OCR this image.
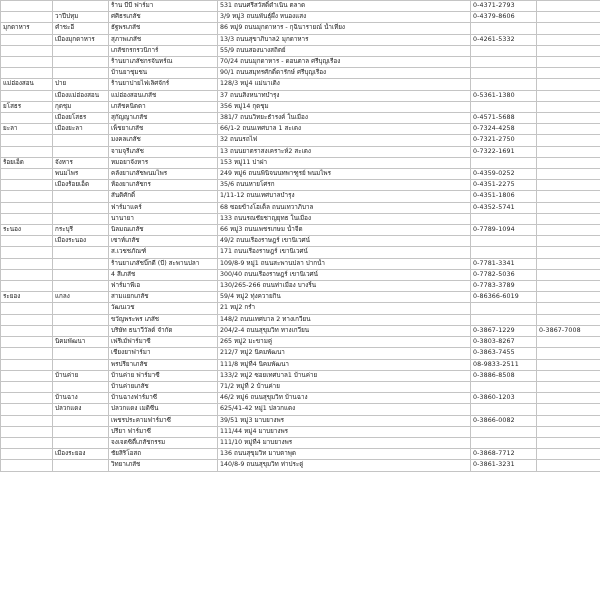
		ร้าน บีบี ฟาร์มา	531 ถนนศรีสวัสดิ์ดำเนิน ตลาด	0-4371-2793	
	วาปีปทุม	ศศิธรเภสัช	3/9 หมู่3 ถนนพันธุ์ผึ้ง หนองแสง	0-4379-8606	
มุกดาหาร	คำชะอี	ธัฐพรเภสัช	86 หมู่9 ถนนมุกดาหาร - กุฉินารายณ์ น้ำเที่ยง		
	เมืองมุกดาหาร	สุภาพเภสัช	13/3 ถนนสุขาภิบาล2 มุกดาหาร	0-4261-5332	
		เภสัชกรกรวนิการ์	55/9 ถนนสองนางสถิตย์		
		ร้านยาเภสัชกรจันทร์ณ	70/24 ถนนมุกดาหาร - ดอนตาล ศรีบุญเรือง		
		บ้านยาชุมชน	90/1 ถนนสมุทรศักดิ์ดารักษ์ ศรีบุญเรือง		
แม่ฮ่องสอน	ปาย	ร้านยาปายไฟเลิศจักร์	128/3 หมู่4 แม่นาเติง		
	เมืองแม่ฮ่องสอน	แม่ฮ่องสอนเภสัช	37 ถนนสิงหนาทบำรุง	0-5361-1380	
ยโสธร	กุดชุม	เภสัชคนิตตา	356 หมู่14 กุดชุม		
	เมืองยโสธร	สุกัญญาเภสัช	381/7 ถนนวิทยะธำรงค์ ในเมือง	0-4571-5688	
ยะลา	เมืองยะลา	เพ็ชยาเภสัช	66/1-2 ถนนเทศบาล 1 สะเตง	0-7324-4258	
		มงคลเภสัช	32 ถนนรถไฟ	0-7321-2750	
		จามจุรีเภสัช	13 ถนนยาตราสงเคราะห์2 สะเตง	0-7322-1691	
ร้อยเอ็ด	จังหาร	หมอยาจังหาร	153 หมู่11 ปาฝา		
	พนมไพร	คลังยาเภสัชพนมไพร	249 หมู่6 ถนนพินิจนนทพาฑูรย์ พนมไพร	0-4359-0252	
	เมืองร้อยเอ็ด	ห้องยาเภสัชกร	35/6 ถนนหายโศรก	0-4351-2275	
		สันติศักดิ์	1/11-12 ถนนเทศบาลบำรุง	0-4351-1806	
		ฟาร์มาแคร์	68 ซอยข้างโฮเต็ล ถนนเทวาภิบาล	0-4352-5741	
		นานายา	133 ถนนรณชัยชาญยุทธ ในเมือง		
ระนอง	กระบุรี	นิลมณเภสัช	66 หมู่3 ถนนเพชรเกษม น้ำจืด	0-7789-1094	
	เมืองระนอง	เซาท์เภสัช	49/2 ถนนเรืองราษฎร์ เขานิเวศน์		
		ส.เวชชภัณฑ์	171 ถนนเรืองราษฎร์ เขานิเวศน์		
		ร้านยาเภสัชบิ๊กดี (บี) สะพานปลา	109/8-9 หมู่1 ถนนสะพานปลา ปากน้ำ	0-7781-3341	
		4 สีเภสัช	300/40 ถนนเรืองราษฎร์ เขานิเวศน์	0-7782-5036	
		ฟาร์มาพีเอ	130/265-266 ถนนท่าเมือง บางริ้น	0-7783-3789	
ระยอง	แกลง	สามแยกเภสัช	59/4 หมู่2 ทุ่งควายกิน	0-86366-6019	
		วัฒนเวช	21 หมู่2 กร่ำ		
		ขวัญพระพร เภสัช	148/2 ถนนเทศบาล 2 ทางเกวียน		
		บริษัท ธนาวีวัลด์ จำกัด	204/2-4 ถนนสุขุมวิท ทางเกวียน	0-3867-1229	0-3867-7008
	นิคมพัฒนา	เฟรีเมั่ฟาร์มาซี	265 หมู่2 มะขามคู่	0-3803-8267	
		เชียงยาฟาร์มา	212/7 หมู่2 นิคมพัฒนา	0-3863-7455	
		พรปรียาเภสัช	111/8 หมู่ที่4 นิคมพัฒนา	08-9833-2511	
	บ้านค่าย	บ้านค่าย ฟาร์มาซี	133/2 หมู่2 ซอยเทศบาล1 บ้านค่าย	0-3886-8508	
		บ้านค่ายเภสัช	71/2 หมู่ที่ 2 บ้านค่าย		
	บ้านฉาง	บ้านฉางฟาร์มาซี	46/2 หมู่6 ถนนสุขุมวิท บ้านฉาง	0-3860-1203	
	ปลวกแดง	ปลวกแดง เมดิซีน	625/41-42 หมู่1 ปลวกแดง		
		เพชรประคามฟาร์มาซี	39/51 หมู่3 มาบยางพร	0-3866-0082	
		ปรียา ฟาร์มาซี	111/44 หมู่4 มาบยางพร		
		จงเจตซิตี้เภสัชกรรม	111/10 หมู่ที่4 มาบยางพร		
	เมืองระยอง	ชัยสิริโอสถ	136 ถนนสุขุมวิท มาบตาพุด	0-3868-7712	
		วิทยาเภสัช	140/8-9 ถนนสุขุมวิท ท่าประดู่	0-3861-3231	
